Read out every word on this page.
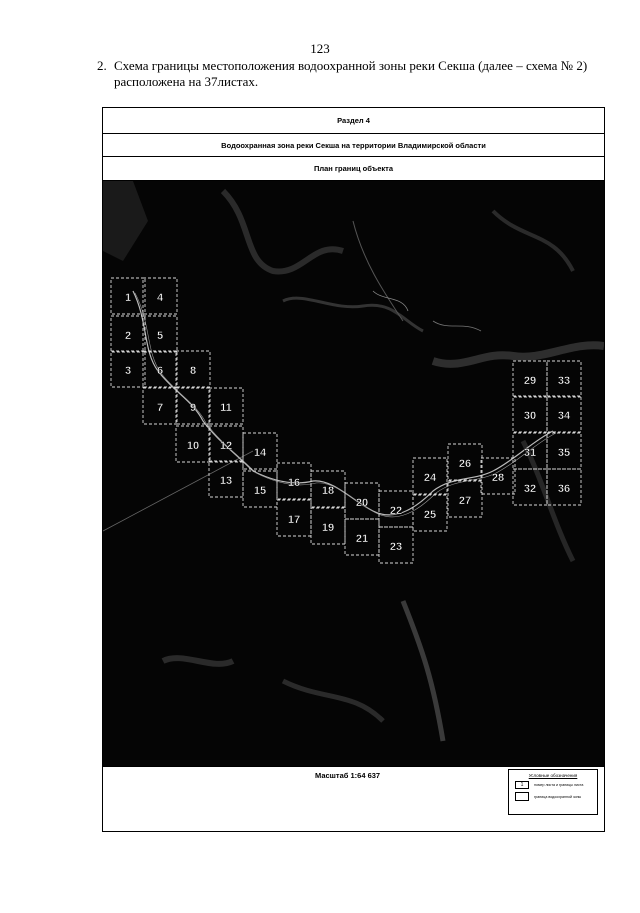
123
2. Схема границы местоположения водоохранной зоны реки Секша (далее – схема № 2)
расположена на 37листах.
Раздел 4
Водоохранная зона реки Секша на территории Владимирской области
План границ объекта
1
2
3
4
5
6
7
8
9
10
11
12
13
14
15
16
17
18
19
20
21
22
23
24
25
26
27
28
29
30
31
32
33
34
35
36
Масштаб 1:64 637	Условные обозначения
1	номер листа и границы листа
граница водоохранной зоны
